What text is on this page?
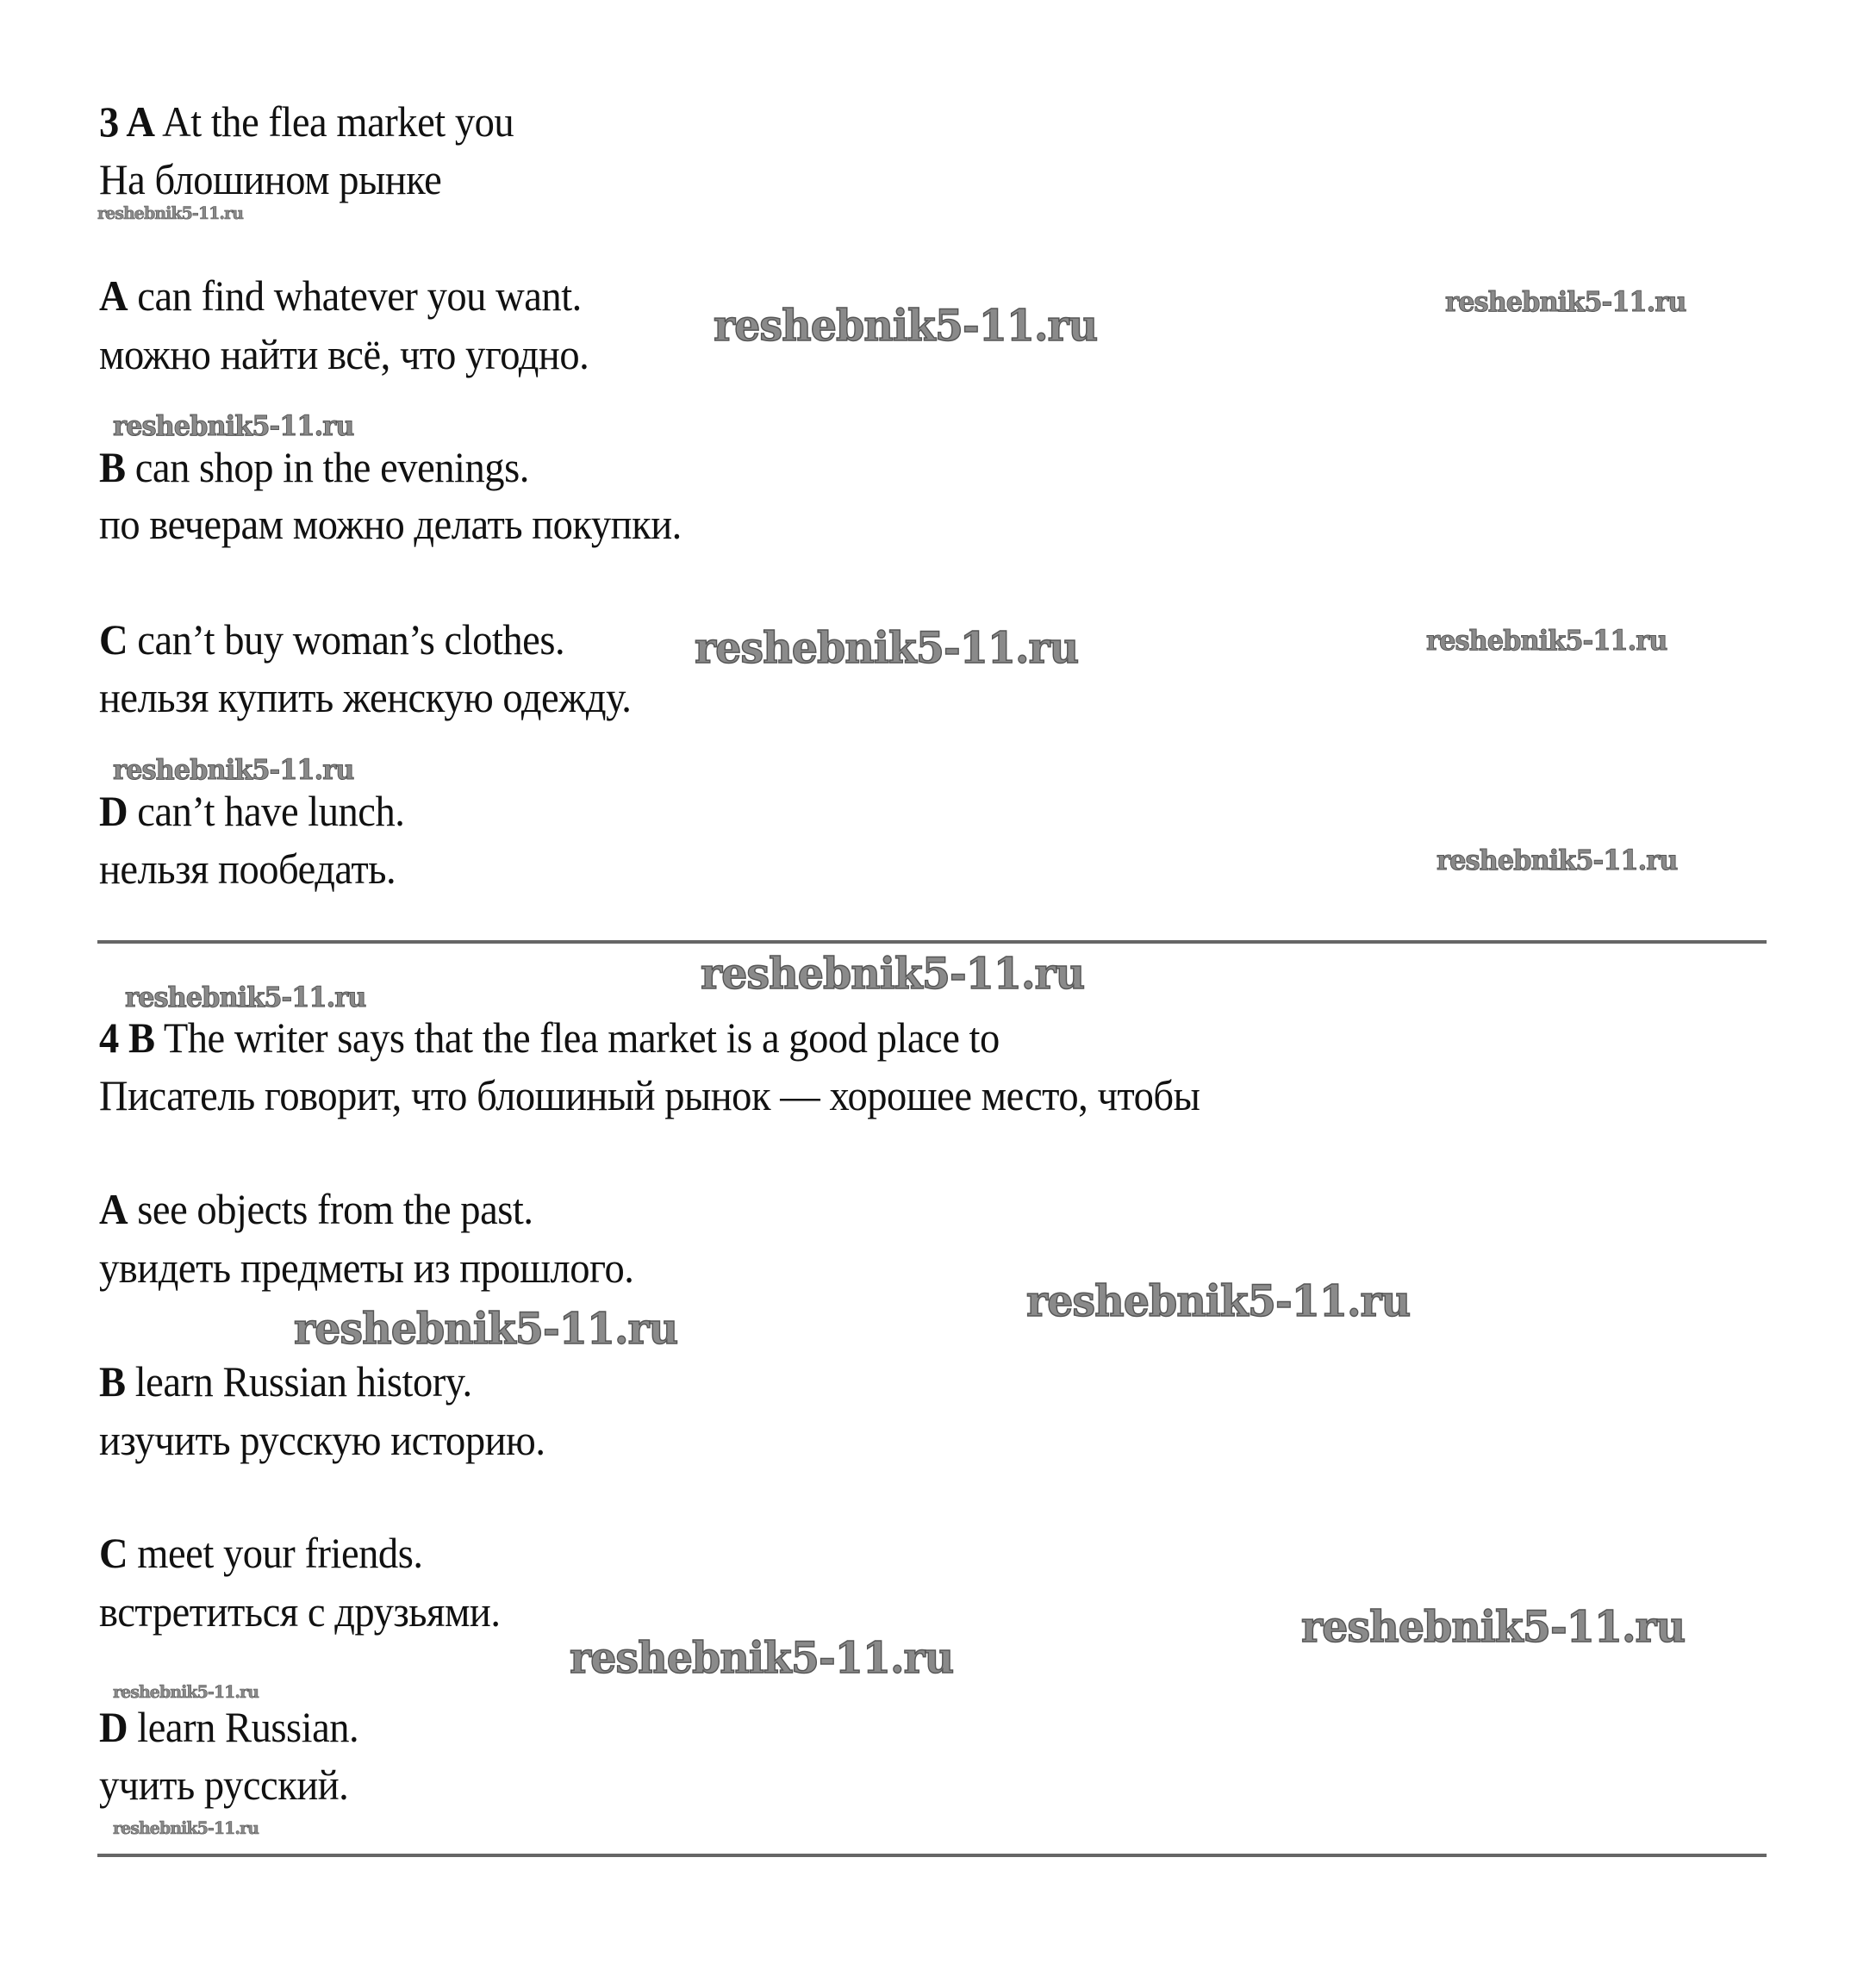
3 A At the flea market you
На блошином рынке
A can find whatever you want.
можно найти всё, что угодно.
B can shop in the evenings.
по вечерам можно делать покупки.
C can’t buy woman’s clothes.
нельзя купить женскую одежду.
D can’t have lunch.
нельзя пообедать.
4 B The writer says that the flea market is a good place to
Писатель говорит, что блошиный рынок — хорошее место, чтобы
A see objects from the past.
увидеть предметы из прошлого.
B learn Russian history.
изучить русскую историю.
C meet your friends.
встретиться с друзьями.
D learn Russian.
учить русский.
reshebnik5-11.ru
reshebnik5-11.ru	reshebnik5-11.ru
reshebnik5-11.ru
reshebnik5-11.ru	reshebnik5-11.ru
reshebnik5-11.ru
reshebnik5-11.ru
reshebnik5-11.ru
reshebnik5-11.ru
reshebnik5-11.ru
reshebnik5-11.ru
reshebnik5-11.ru
reshebnik5-11.ru
reshebnik5-11.ru
reshebnik5-11.ru
